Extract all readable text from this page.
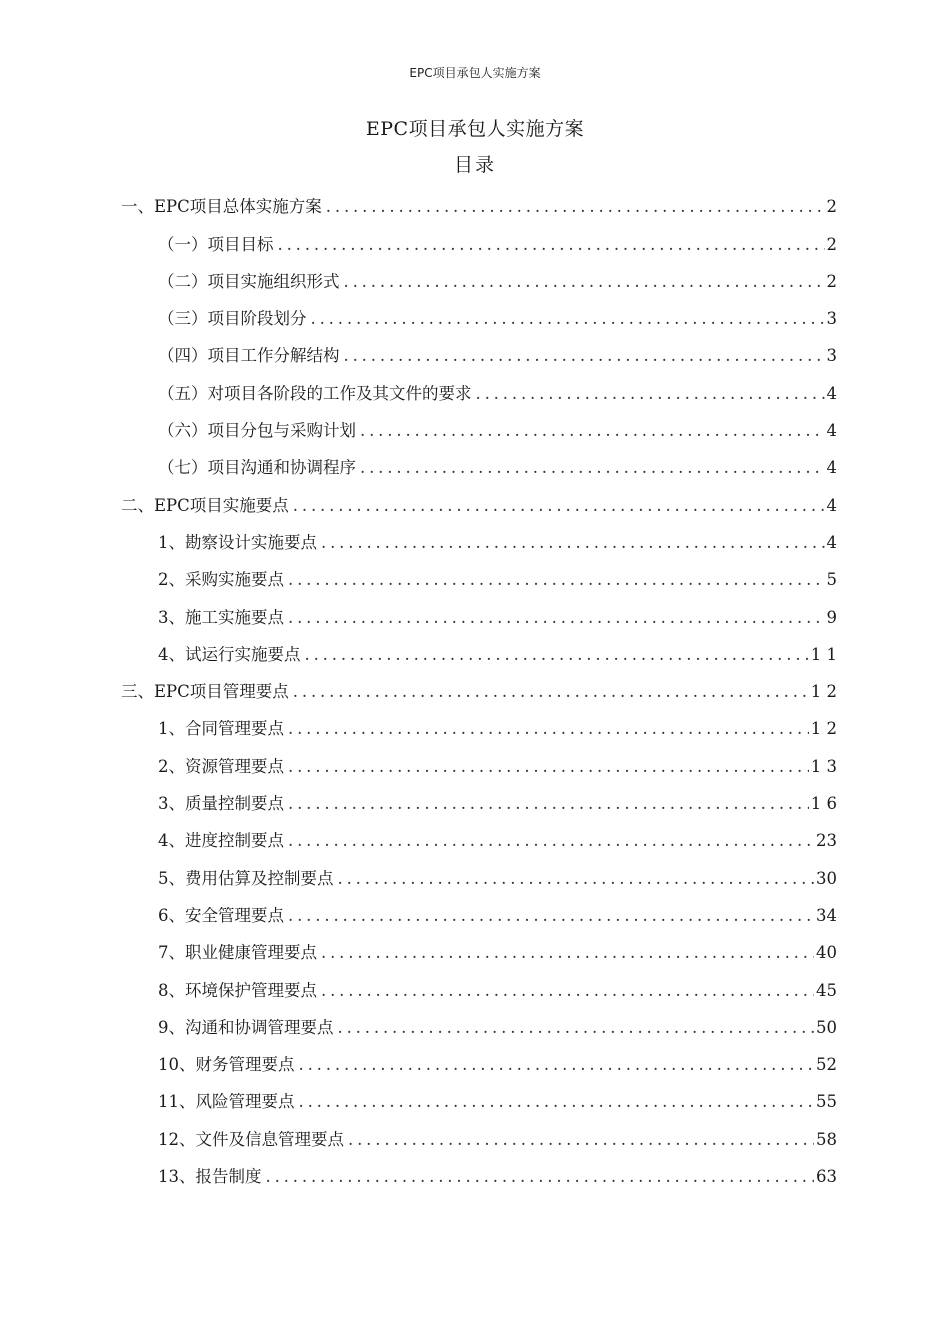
EPC项目承包人实施方案
EPC项目承包人实施方案
目录
一、EPC项目总体实施方案 . . .	2
（一）项目目标 . . .	2
（二）项目实施组织形式 . . .	2
（三）项目阶段划分 . . .	3
（四）项目工作分解结构 . . .	3
（五）对项目各阶段的工作及其文件的要求 . . .	4
（六）项目分包与采购计划 . . .	4
（七）项目沟通和协调程序 . . .	4
二、EPC项目实施要点 . . .	4
1、勘察设计实施要点 . . .	4
2、采购实施要点 . . .	5
3、施工实施要点 . . .	9
4、试运行实施要点 . . .	1 1
三、EPC项目管理要点 . . .	1 2
1、合同管理要点 . . .	1 2
2、资源管理要点 . . .	1 3
3、质量控制要点 . . .	1 6
4、进度控制要点 . . .	23
5、费用估算及控制要点 . . .	30
6、安全管理要点 . . .	34
7、职业健康管理要点 . . .	40
8、环境保护管理要点 . . .	45
9、沟通和协调管理要点 . . .	50
10、财务管理要点 . . .	52
11、风险管理要点 . . .	55
12、文件及信息管理要点 . . .	58
13、报告制度 . . .	63
